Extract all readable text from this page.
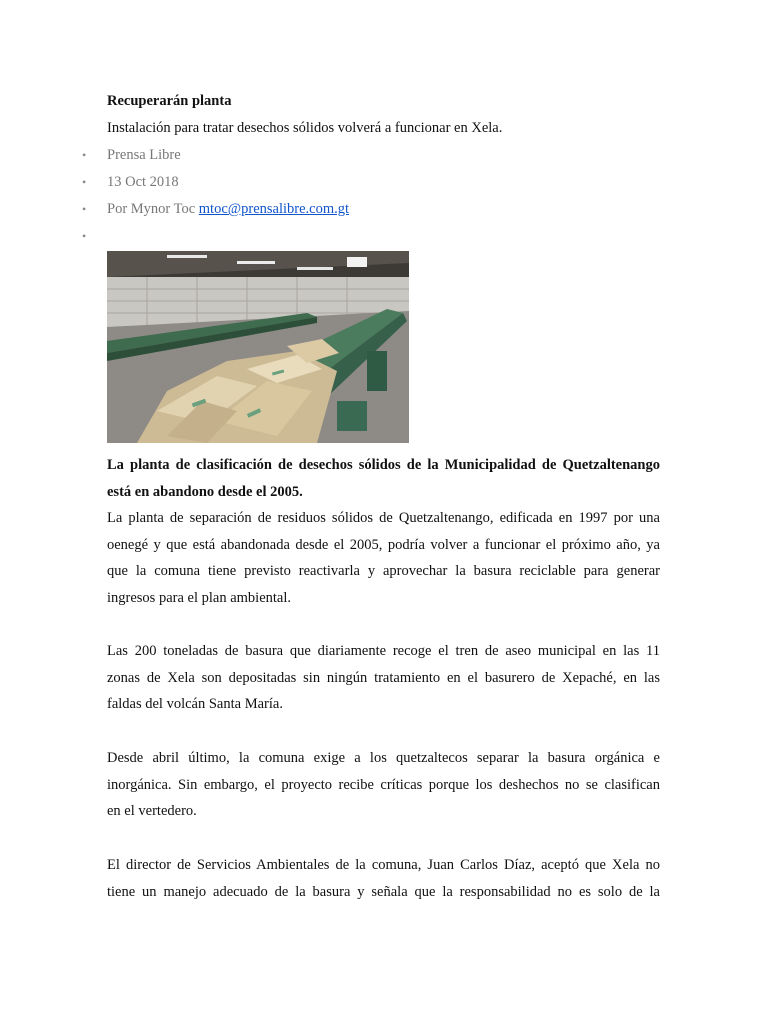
Recuperarán planta
Instalación para tratar desechos sólidos volverá a funcionar en Xela.
• Prensa Libre
• 13 Oct 2018
• Por Mynor Toc mtoc@prensalibre.com.gt
•
La planta de clasificación de desechos sólidos de la Municipalidad de Quetzaltenango
está en abandono desde el 2005.
La planta de separación de residuos sólidos de Quetzaltenango, edificada en 1997 por una
oenegé y que está abandonada desde el 2005, podría volver a funcionar el próximo año, ya
que la comuna tiene previsto reactivarla y aprovechar la basura reciclable para generar
ingresos para el plan ambiental.
Las 200 toneladas de basura que diariamente recoge el tren de aseo municipal en las 11
zonas de Xela son depositadas sin ningún tratamiento en el basurero de Xepaché, en las
faldas del volcán Santa María.
Desde abril último, la comuna exige a los quetzaltecos separar la basura orgánica e
inorgánica. Sin embargo, el proyecto recibe críticas porque los deshechos no se clasifican
en el vertedero.
El director de Servicios Ambientales de la comuna, Juan Carlos Díaz, aceptó que Xela no
tiene un manejo adecuado de la basura y señala que la responsabilidad no es solo de la
